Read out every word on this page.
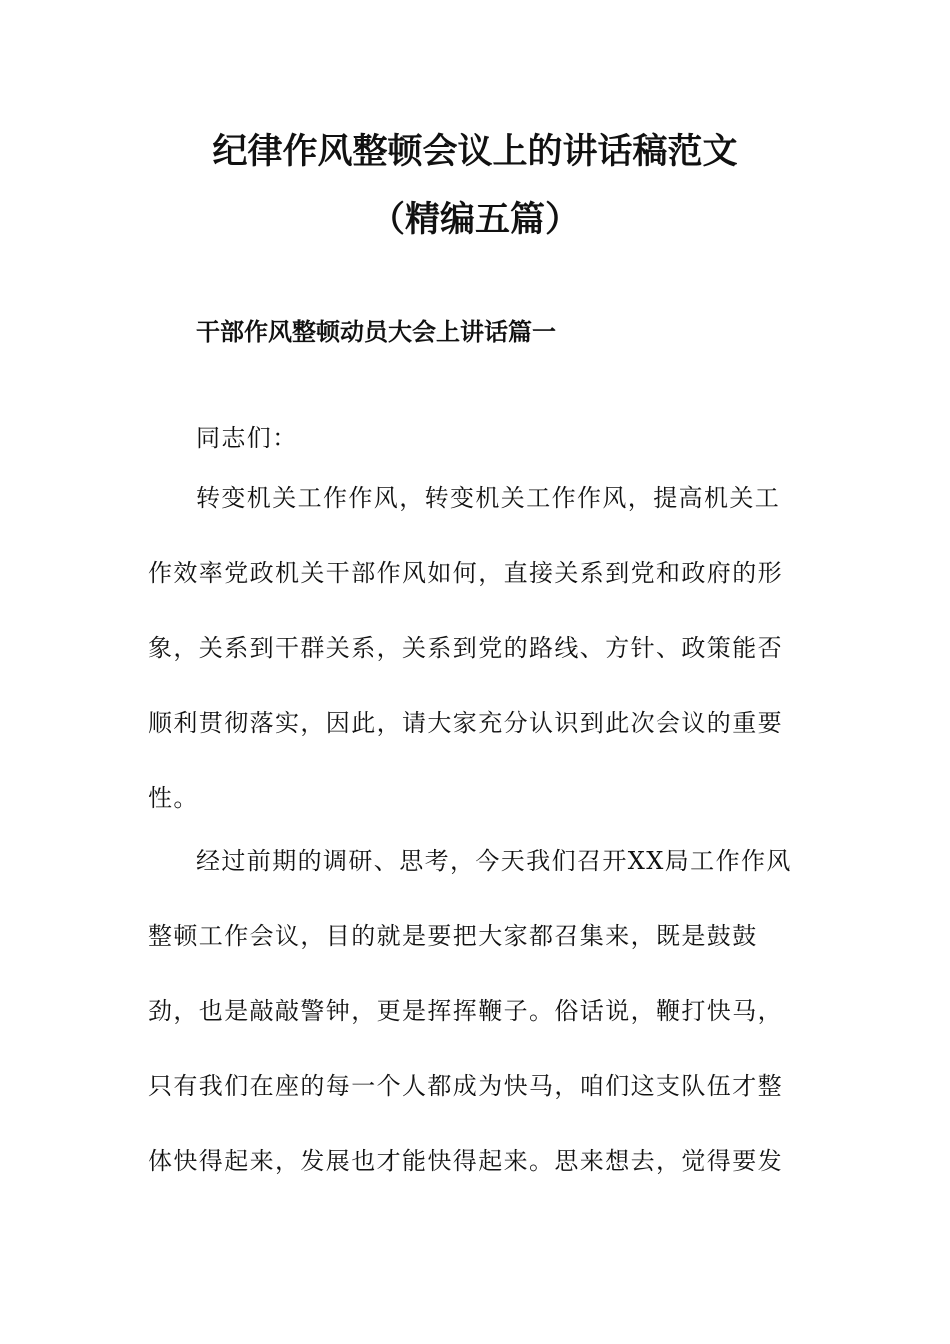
纪律作风整顿会议上的讲话稿范文
（精编五篇）
干部作风整顿动员大会上讲话篇一
同志们：
转变机关工作作风，转变机关工作作风，提高机关工
作效率党政机关干部作风如何，直接关系到党和政府的形
象，关系到干群关系，关系到党的路线、方针、政策能否
顺利贯彻落实，因此，请大家充分认识到此次会议的重要
性。
经过前期的调研、思考，今天我们召开XX局工作作风
整顿工作会议，目的就是要把大家都召集来，既是鼓鼓
劲，也是敲敲警钟，更是挥挥鞭子。俗话说，鞭打快马，
只有我们在座的每一个人都成为快马，咱们这支队伍才整
体快得起来，发展也才能快得起来。思来想去，觉得要发
